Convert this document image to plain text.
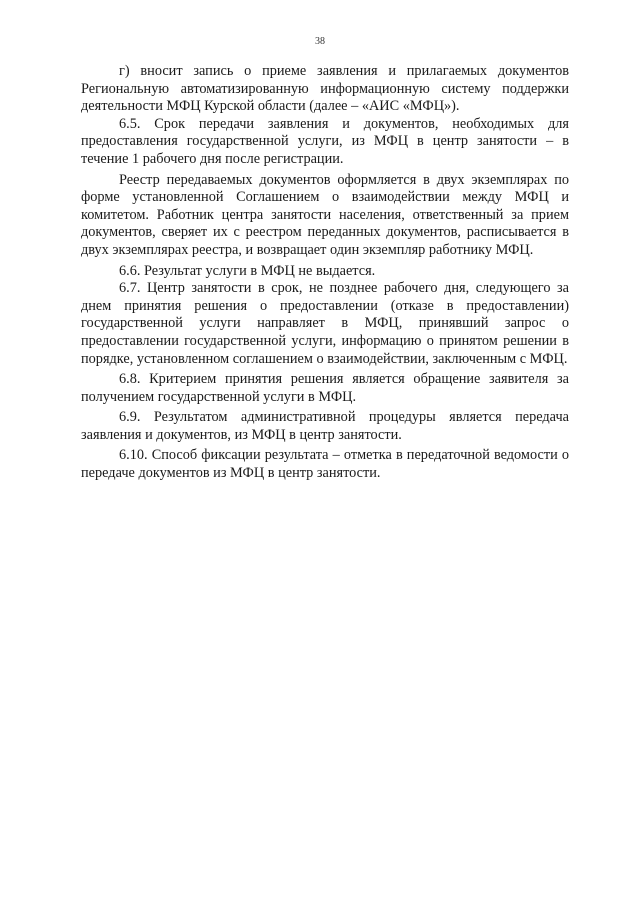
38

г) вносит запись о приеме заявления и прилагаемых документов Региональную автоматизированную информационную систему поддержки деятельности МФЦ Курской области (далее – «АИС «МФЦ»).

6.5. Срок передачи заявления и документов, необходимых для предоставления государственной услуги, из МФЦ в центр занятости – в течение 1 рабочего дня после регистрации.

Реестр передаваемых документов оформляется в двух экземплярах по форме установленной Соглашением о взаимодействии между МФЦ и комитетом. Работник центра занятости населения, ответственный за прием документов, сверяет их с реестром переданных документов, расписывается в двух экземплярах реестра, и возвращает один экземпляр работнику МФЦ.

6.6. Результат услуги в МФЦ не выдается.

6.7. Центр занятости в срок, не позднее рабочего дня, следующего за днем принятия решения о предоставлении (отказе в предоставлении) государственной услуги направляет в МФЦ, принявший запрос о предоставлении государственной услуги, информацию о принятом решении в порядке, установленном соглашением о взаимодействии, заключенным с МФЦ.

6.8. Критерием принятия решения является обращение заявителя за получением государственной услуги в МФЦ.

6.9. Результатом административной процедуры является передача заявления и документов, из МФЦ в центр занятости.

6.10. Способ фиксации результата – отметка в передаточной ведомости о передаче документов из МФЦ в центр занятости.
